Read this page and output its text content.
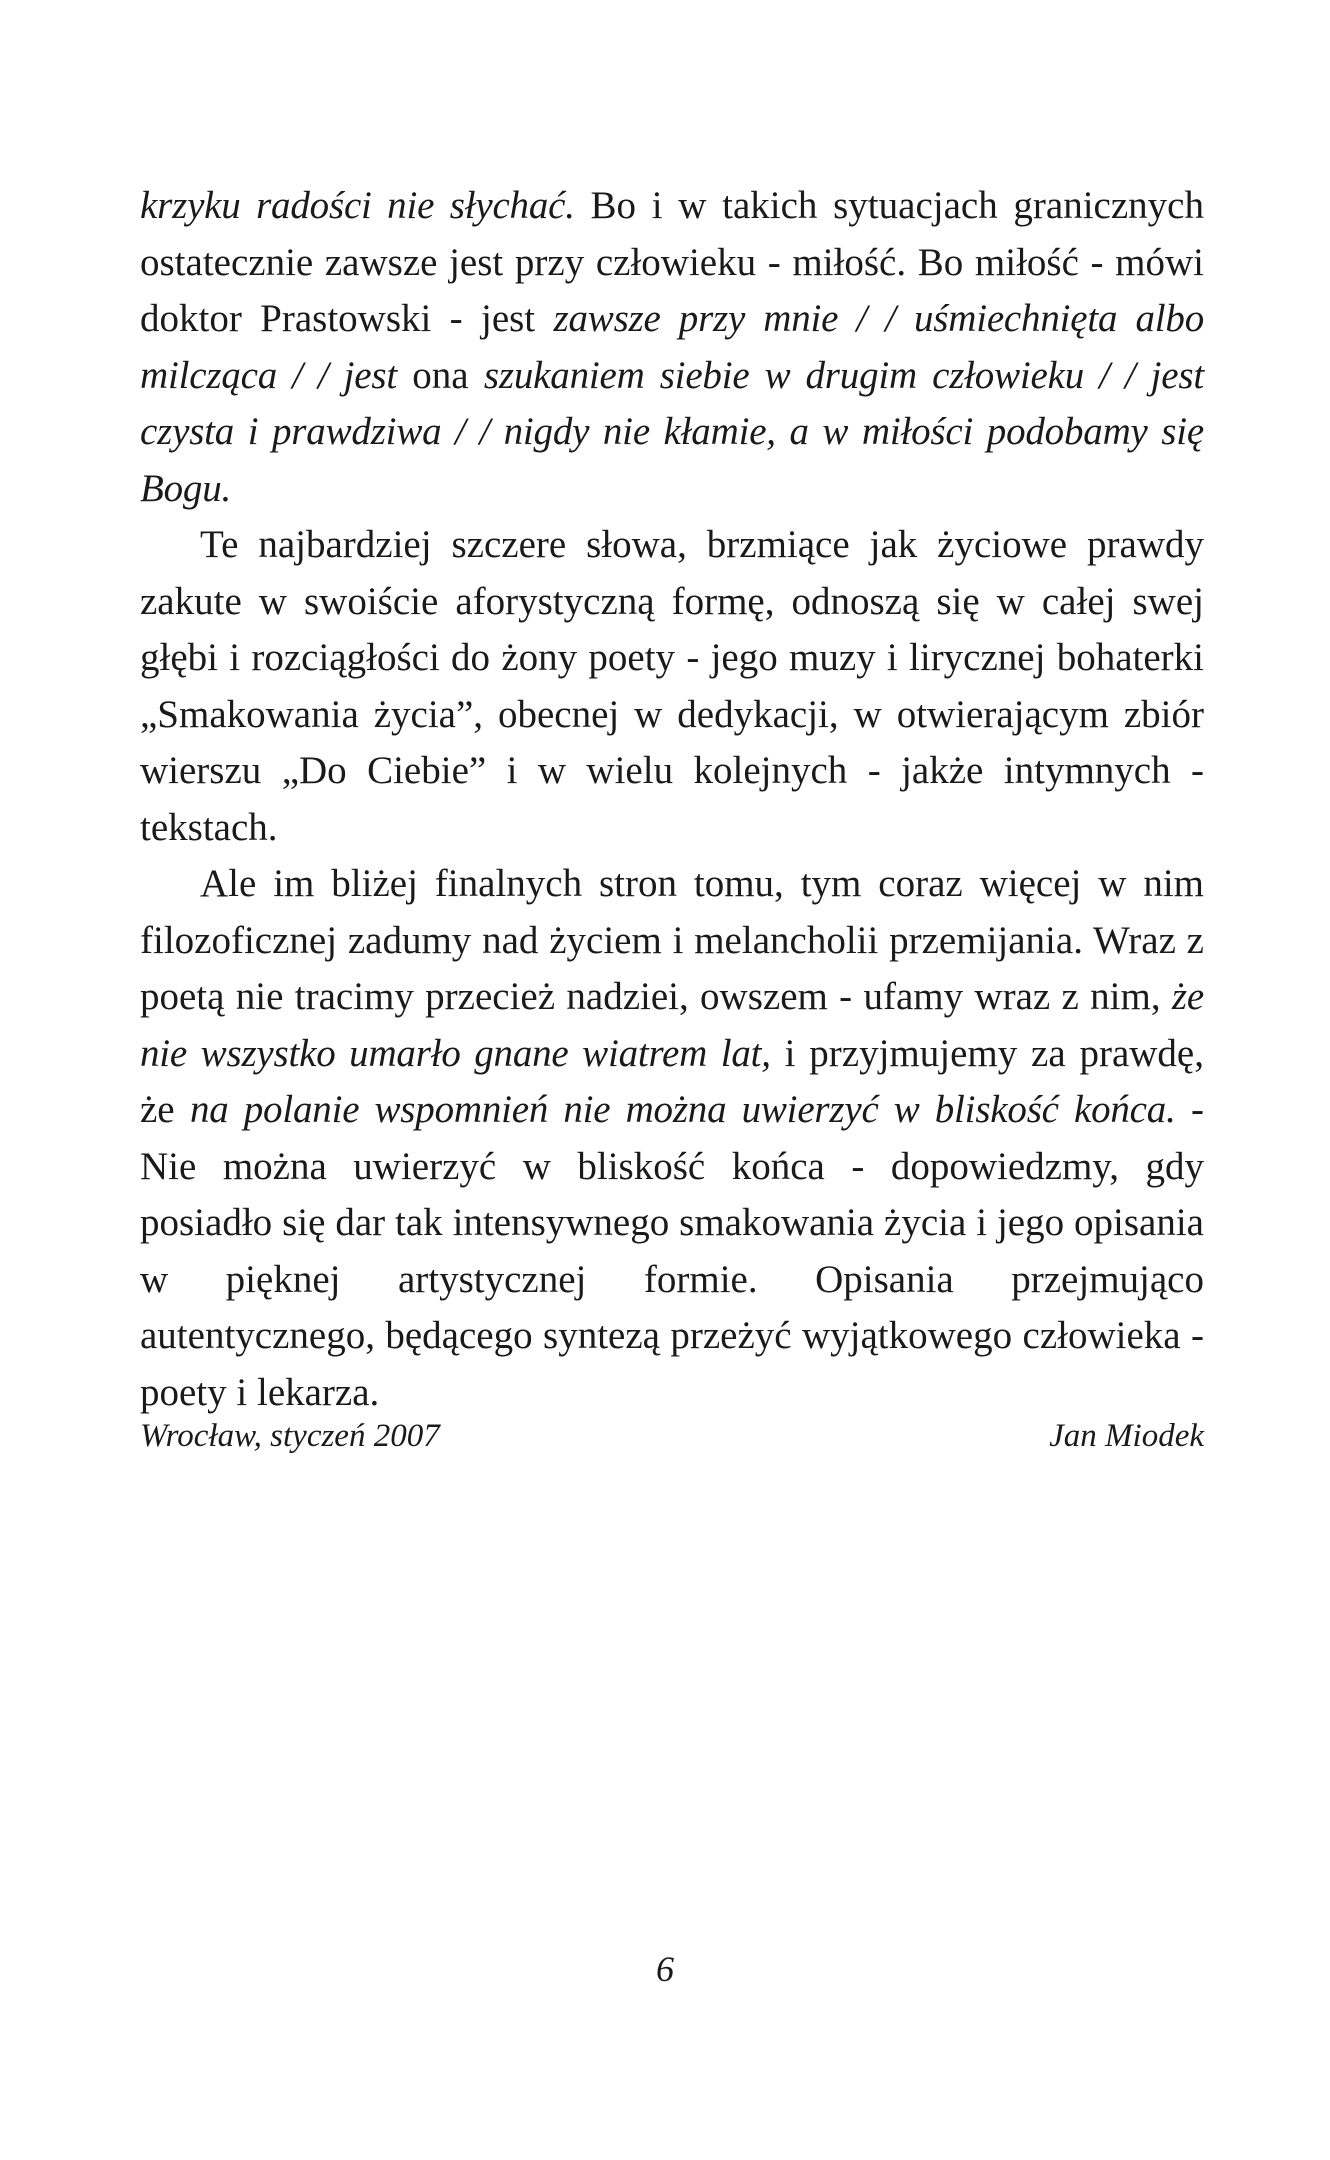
krzyku radości nie słychać. Bo i w takich sytuacjach granicznych ostatecznie zawsze jest przy człowieku - miłość. Bo miłość - mówi doktor Prastowski - jest zawsze przy mnie / / uśmiechnięta albo milcząca / / jest ona szukaniem siebie w drugim człowieku / / jest czysta i prawdziwa / / nigdy nie kłamie, a w miłości podobamy się Bogu.

Te najbardziej szczere słowa, brzmiące jak życiowe prawdy zakute w swoiście aforystyczną formę, odnoszą się w całej swej głębi i rozciągłości do żony poety - jego muzy i lirycznej bohaterki „Smakowania życia”, obecnej w dedykacji, w otwierającym zbiór wierszu „Do Ciebie” i w wielu kolejnych - jakże intymnych - tekstach.

Ale im bliżej finalnych stron tomu, tym coraz więcej w nim filozoficznej zadumy nad życiem i melancholii przemijania. Wraz z poetą nie tracimy przecież nadziei, owszem - ufamy wraz z nim, że nie wszystko umarło gnane wiatrem lat, i przyjmujemy za prawdę, że na polanie wspomnień nie można uwierzyć w bliskość końca. - Nie można uwierzyć w bliskość końca - dopowiedzmy, gdy posiadło się dar tak intensywnego smakowania życia i jego opisania w pięknej artystycznej formie. Opisania przejmująco autentycznego, będącego syntezą przeżyć wyjątkowego człowieka - poety i lekarza.

Wrocław, styczeń 2007	Jan Miodek
6
